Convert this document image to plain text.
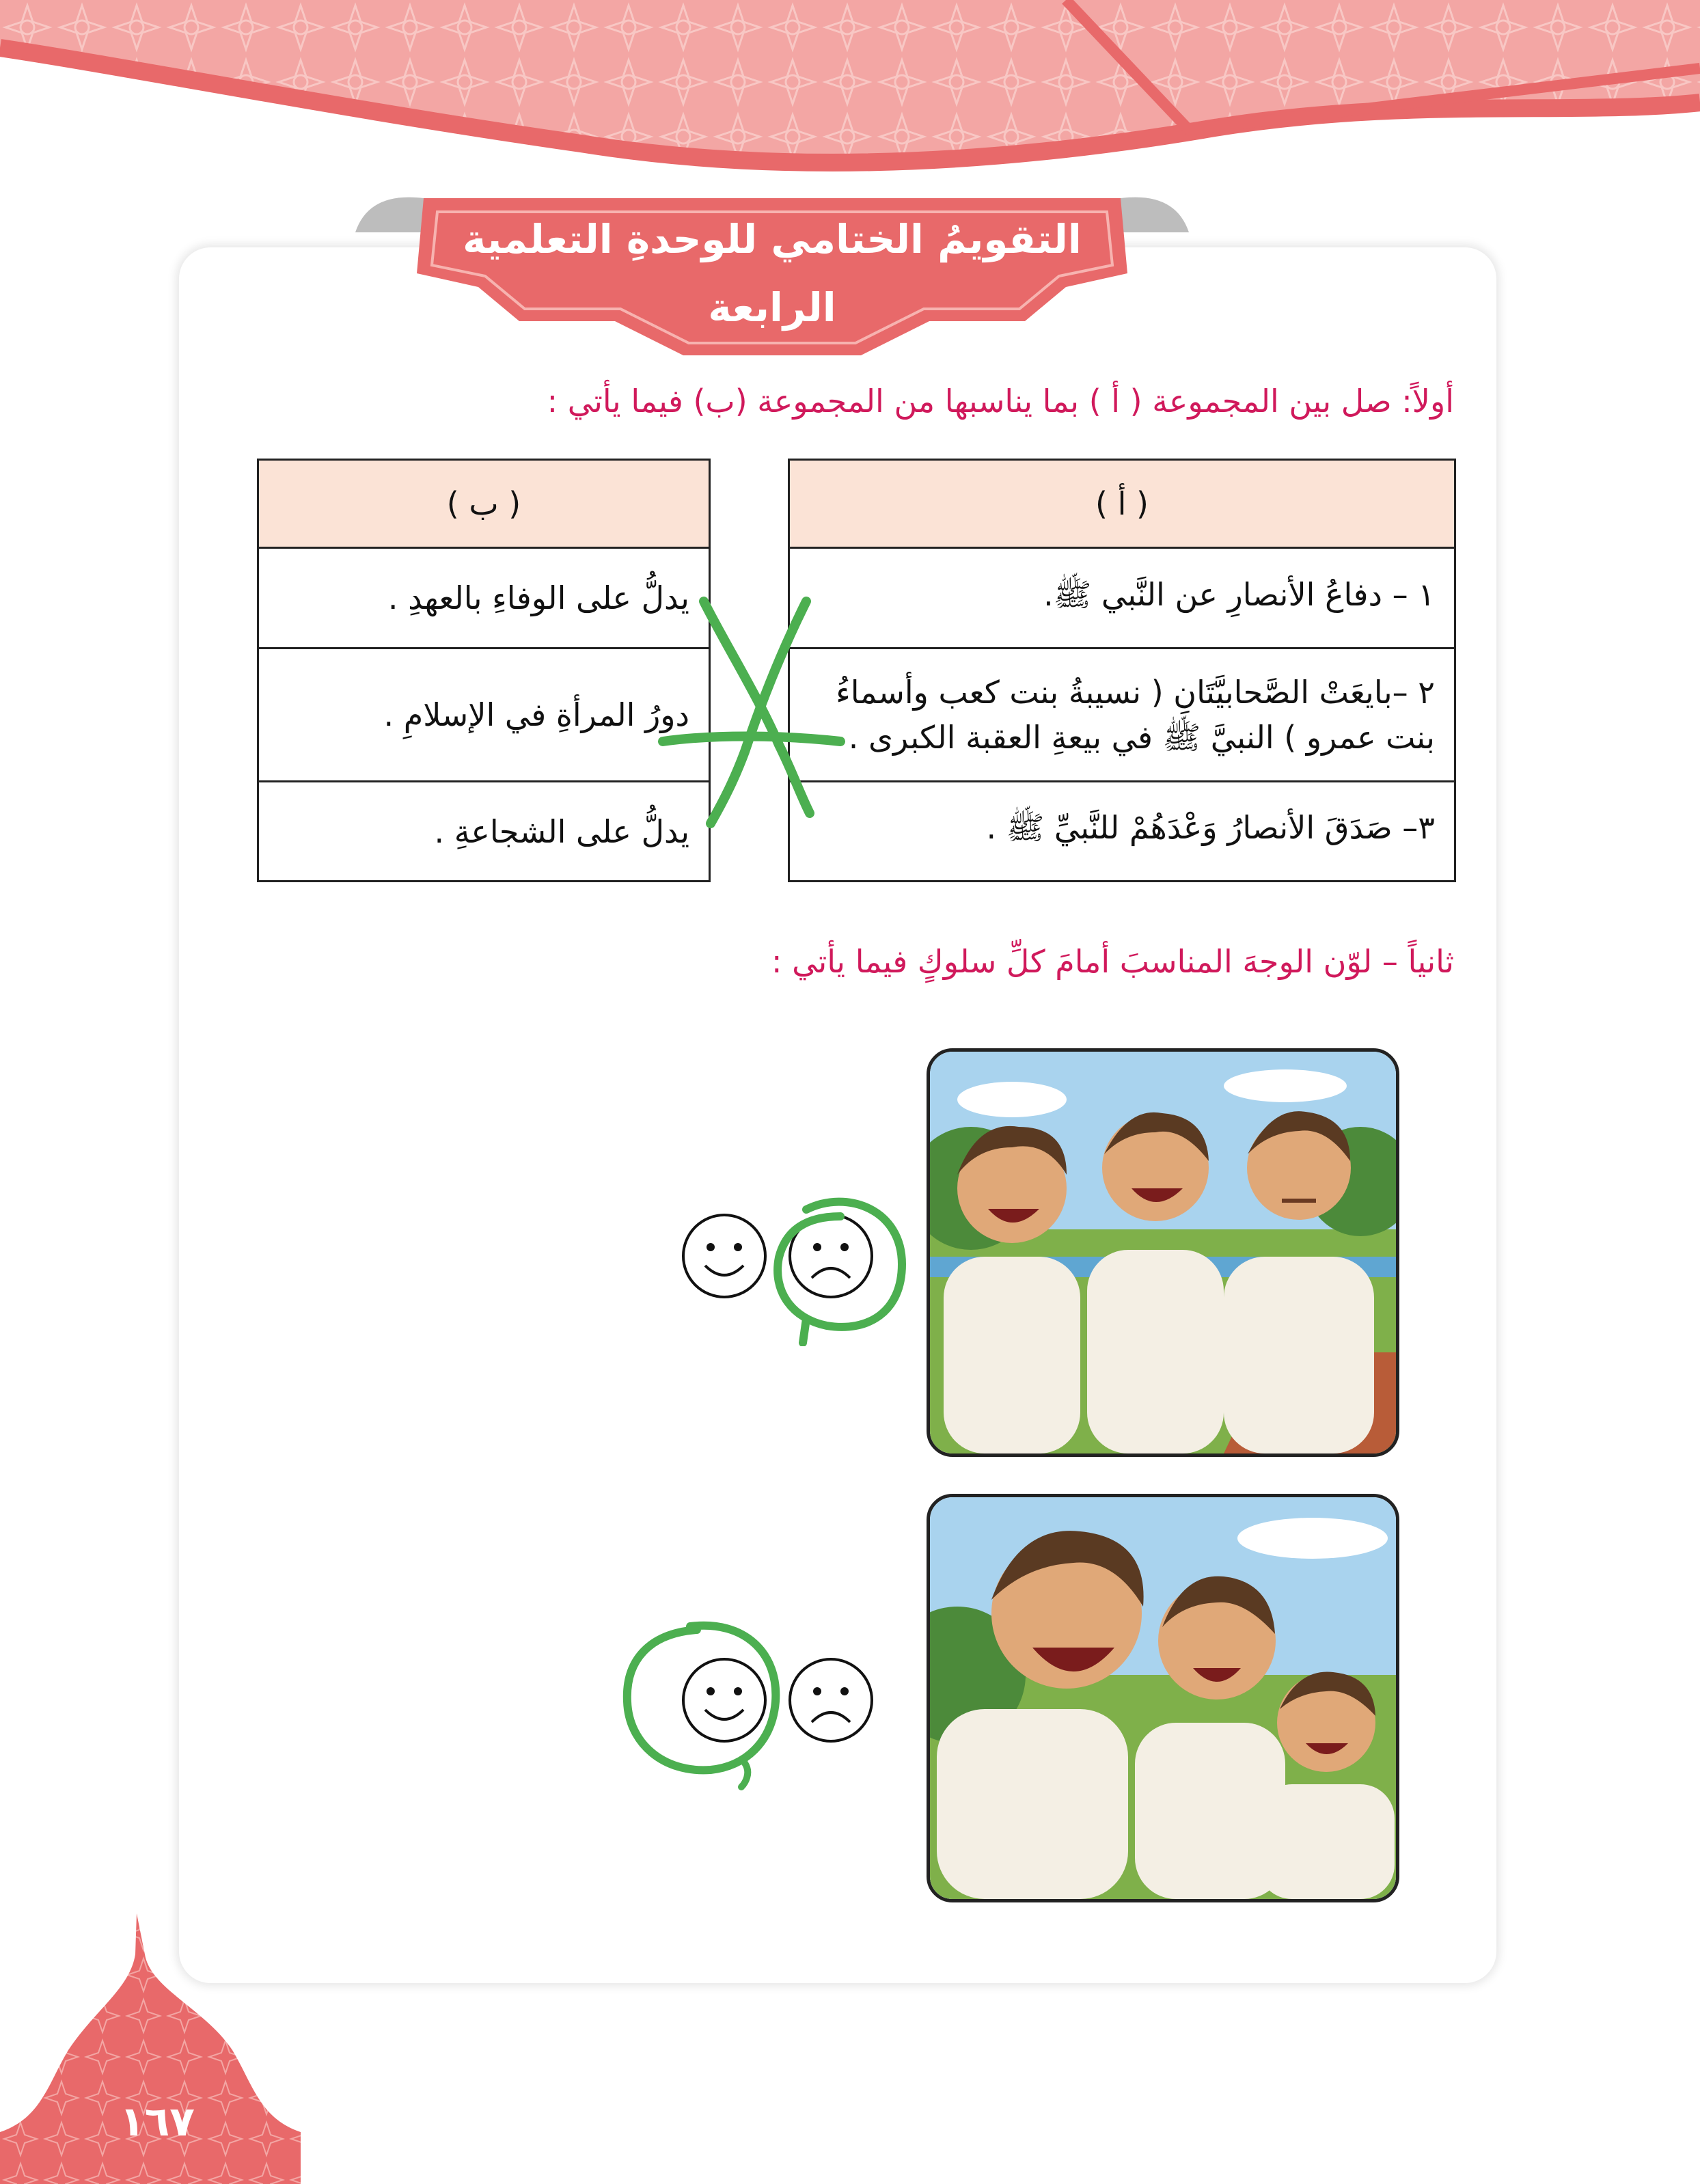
التقويمُ الختامي للوحدةِ التعلمية الرابعة
أولاً: صل بين المجموعة ( أ ) بما يناسبها من المجموعة (ب) فيما يأتي :
( أ )
١ – دفاعُ الأنصارِ عن النَّبي ﷺ.
٢ –بايعَتْ الصَّحابيَّتَانِ ( نسيبةُ بنت كعب وأسماءُ بنت عمرو ) النبيَّ ﷺ في بيعةِ العقبة الكبرى .
٣– صَدَقَ الأنصارُ وَعْدَهُمْ للنَّبيِّ ﷺ .
( ب )
يدلُّ على الوفاءِ بالعهدِ .
دورُ المرأةِ في الإسلامِ .
يدلُّ على الشجاعةِ .
ثانياً – لوّن الوجهَ المناسبَ أمامَ كلِّ سلوكٍ فيما يأتي :
١٦٧
